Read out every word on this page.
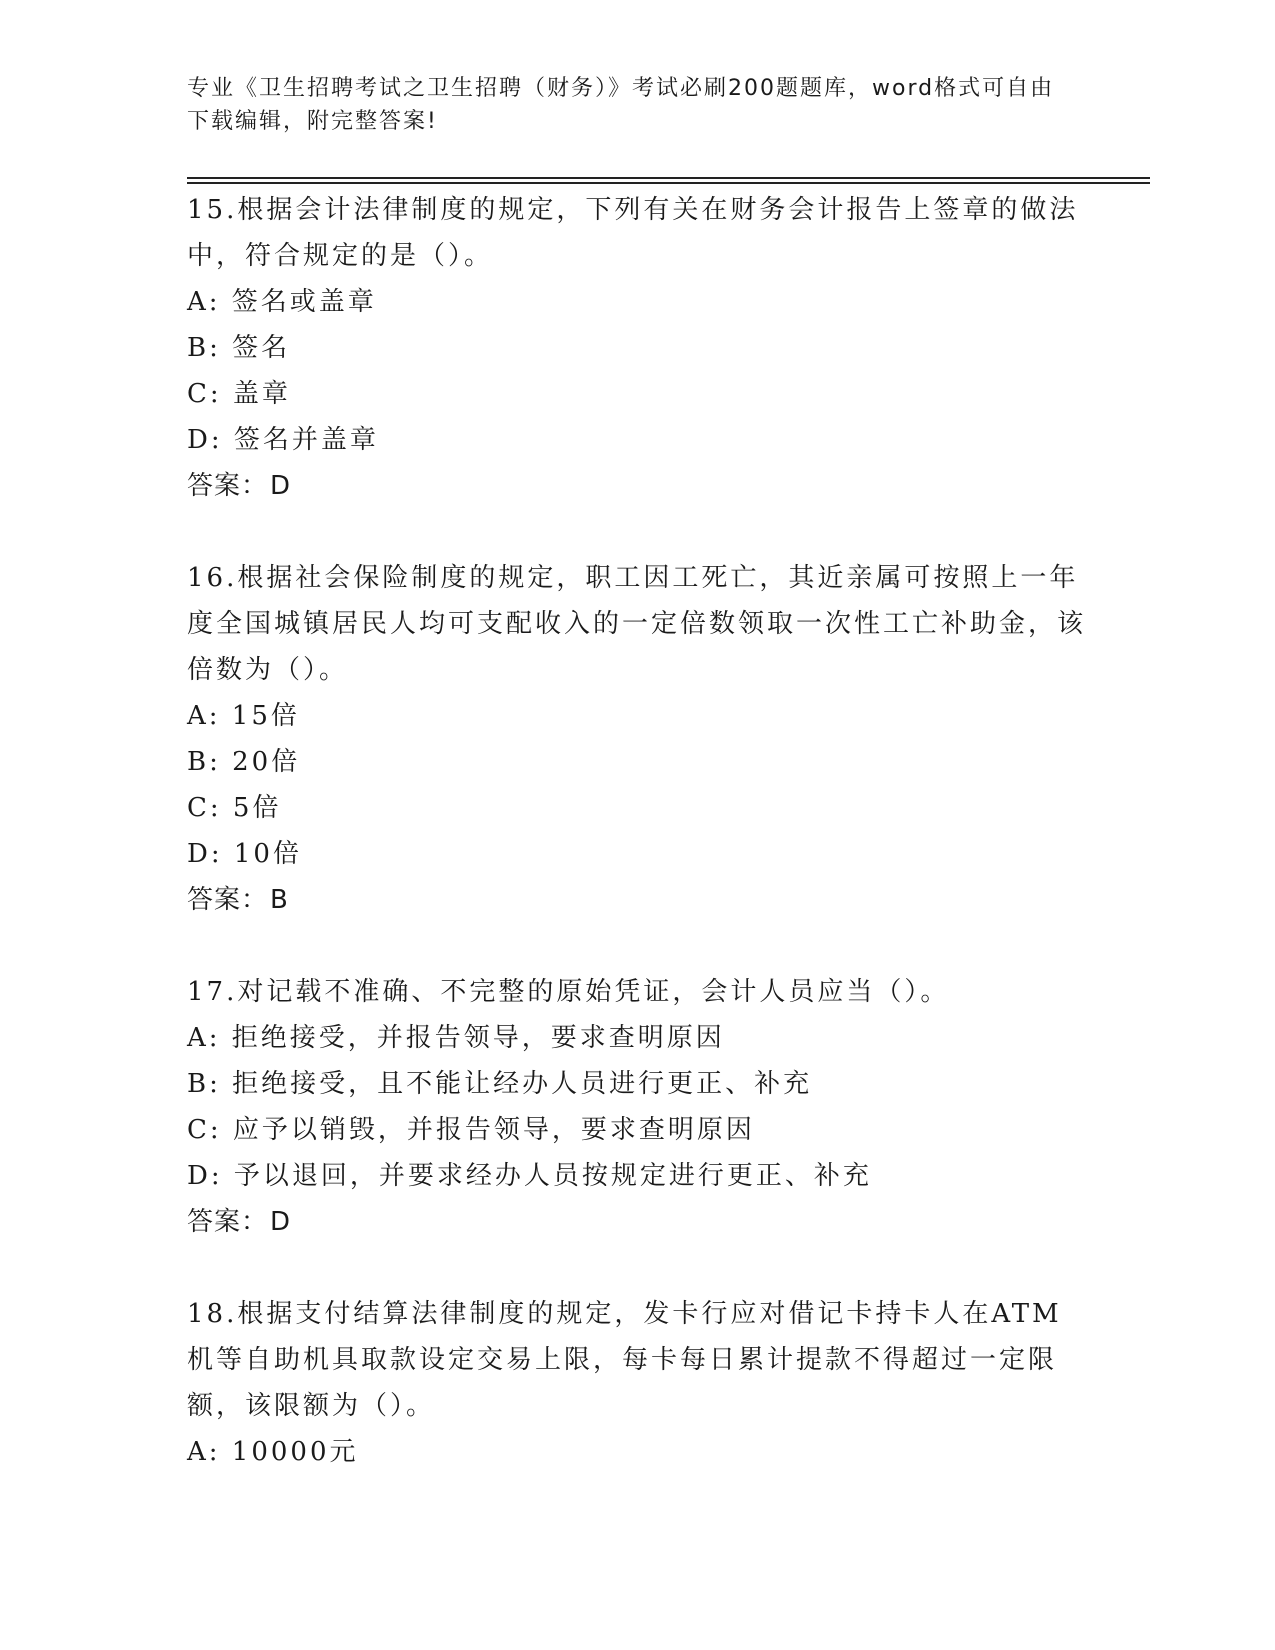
专业《卫生招聘考试之卫生招聘（财务）》考试必刷200题题库，word格式可自由下载编辑，附完整答案!
15.根据会计法律制度的规定，下列有关在财务会计报告上签章的做法中，符合规定的是（）。
A: 签名或盖章
B: 签名
C: 盖章
D: 签名并盖章
答案：D
16.根据社会保险制度的规定，职工因工死亡，其近亲属可按照上一年度全国城镇居民人均可支配收入的一定倍数领取一次性工亡补助金，该倍数为（）。
A: 15倍
B: 20倍
C: 5倍
D: 10倍
答案：B
17.对记载不准确、不完整的原始凭证，会计人员应当（）。
A: 拒绝接受，并报告领导，要求查明原因
B: 拒绝接受，且不能让经办人员进行更正、补充
C: 应予以销毁，并报告领导，要求查明原因
D: 予以退回，并要求经办人员按规定进行更正、补充
答案：D
18.根据支付结算法律制度的规定，发卡行应对借记卡持卡人在ATM机等自助机具取款设定交易上限，每卡每日累计提款不得超过一定限额，该限额为（）。
A: 10000元
